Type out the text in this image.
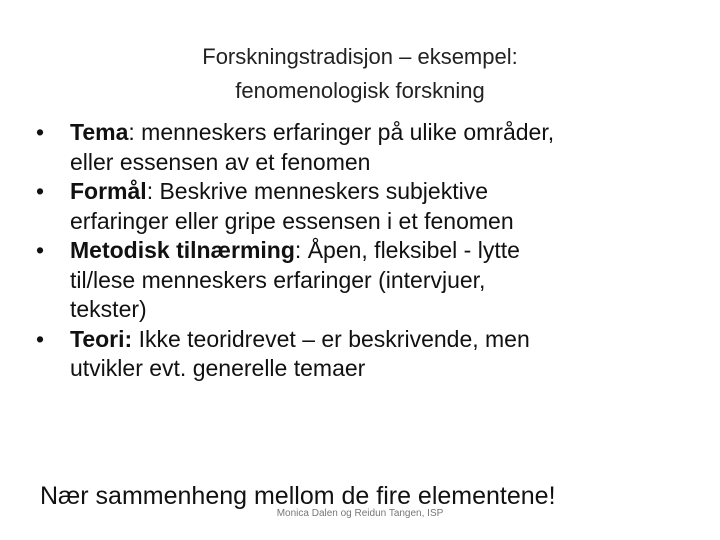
Forskningstradisjon – eksempel:
fenomenologisk forskning
• Tema: menneskers erfaringer på ulike områder,
eller essensen av et fenomen
• Formål: Beskrive menneskers subjektive
erfaringer eller gripe essensen i et fenomen
• Metodisk tilnærming: Åpen, fleksibel - lytte
til/lese menneskers erfaringer (intervjuer,
tekster)
• Teori: Ikke teoridrevet – er beskrivende, men
utvikler evt. generelle temaer
Nær sammenheng mellom de fire elementene!
Monica Dalen og Reidun Tangen, ISP
